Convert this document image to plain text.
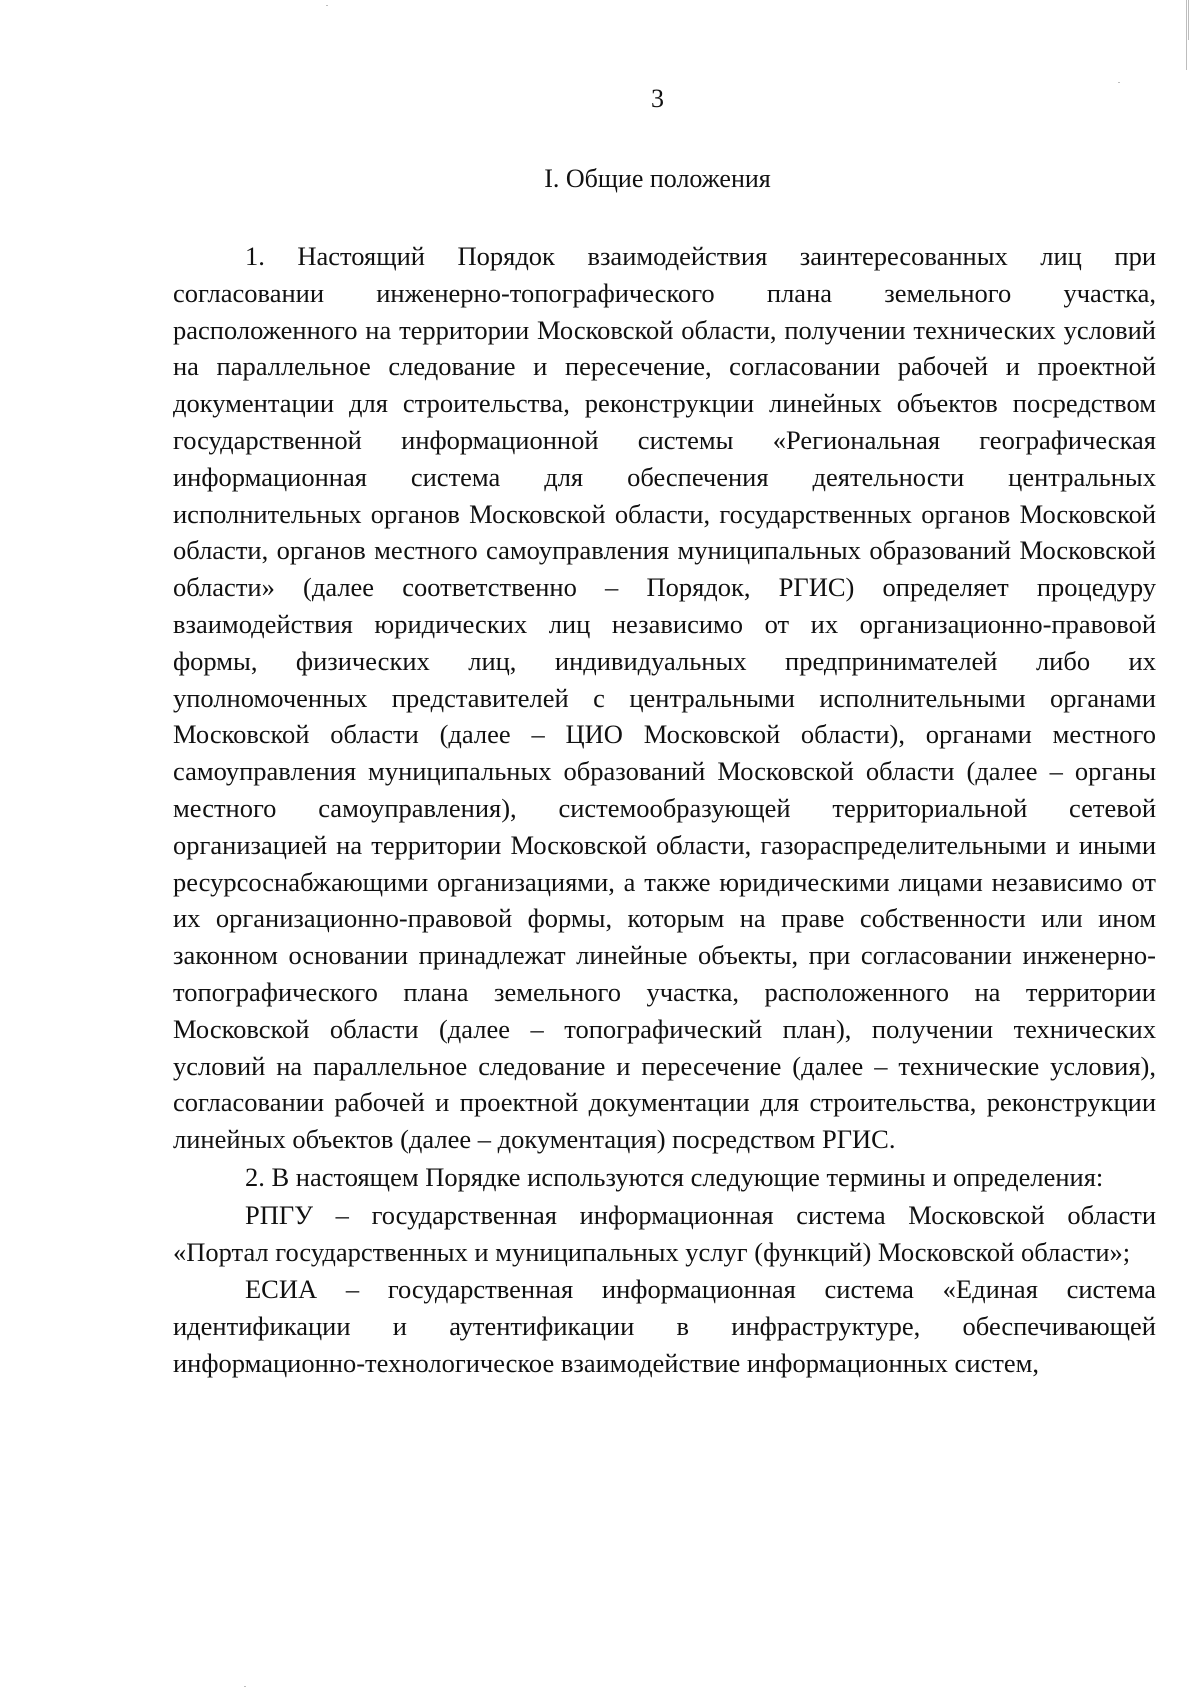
3
I. Общие положения

1. Настоящий Порядок взаимодействия заинтересованных лиц при согласовании инженерно-топографического плана земельного участка, расположенного на территории Московской области, получении технических условий на параллельное следование и пересечение, согласовании рабочей и проектной документации для строительства, реконструкции линейных объектов посредством государственной информационной системы «Региональная географическая информационная система для обеспечения деятельности центральных исполнительных органов Московской области, государственных органов Московской области, органов местного самоуправления муниципальных образований Московской области» (далее соответственно – Порядок, РГИС) определяет процедуру взаимодействия юридических лиц независимо от их организационно-правовой формы, физических лиц, индивидуальных предпринимателей либо их уполномоченных представителей с центральными исполнительными органами Московской области (далее – ЦИО Московской области), органами местного самоуправления муниципальных образований Московской области (далее – органы местного самоуправления), системообразующей территориальной сетевой организацией на территории Московской области, газораспределительными и иными ресурсоснабжающими организациями, а также юридическими лицами независимо от их организационно-правовой формы, которым на праве собственности или ином законном основании принадлежат линейные объекты, при согласовании инженерно-топографического плана земельного участка, расположенного на территории Московской области (далее – топографический план), получении технических условий на параллельное следование и пересечение (далее – технические условия), согласовании рабочей и проектной документации для строительства, реконструкции линейных объектов (далее – документация) посредством РГИС.

2. В настоящем Порядке используются следующие термины и определения:

РПГУ – государственная информационная система Московской области «Портал государственных и муниципальных услуг (функций) Московской области»;

ЕСИА – государственная информационная система «Единая система идентификации и аутентификации в инфраструктуре, обеспечивающей информационно-технологическое взаимодействие информационных систем,
